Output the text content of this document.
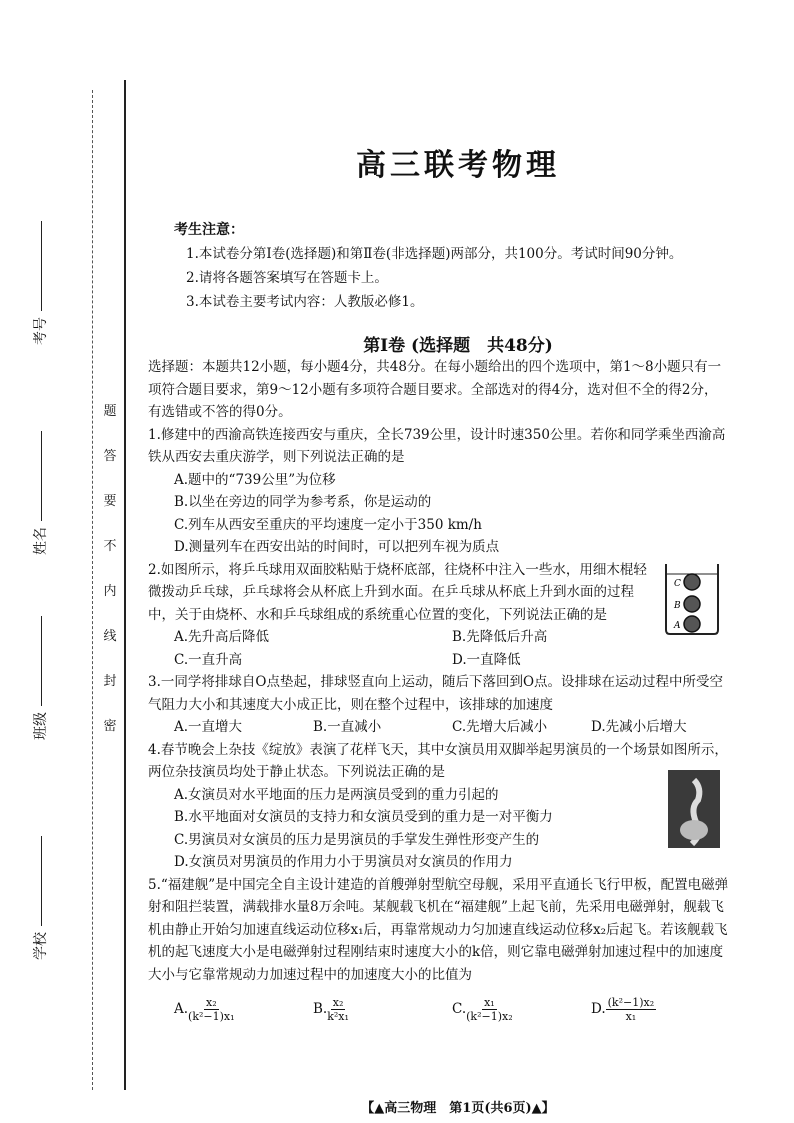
考号
姓名
班级
学校
题
答
要
不
内
线
封
密
高三联考物理
考生注意：
1.本试卷分第Ⅰ卷(选择题)和第Ⅱ卷(非选择题)两部分，共100分。考试时间90分钟。
2.请将各题答案填写在答题卡上。
3.本试卷主要考试内容：人教版必修1。
第Ⅰ卷 (选择题　共48分)

选择题：本题共12小题，每小题4分，共48分。在每小题给出的四个选项中，第1～8小题只有一项符合题目要求，第9～12小题有多项符合题目要求。全部选对的得4分，选对但不全的得2分，有选错或不答的得0分。

1.修建中的西渝高铁连接西安与重庆，全长739公里，设计时速350公里。若你和同学乘坐西渝高铁从西安去重庆游学，则下列说法正确的是

A.题中的“739公里”为位移
B.以坐在旁边的同学为参考系，你是运动的
C.列车从西安至重庆的平均速度一定小于350 km/h
D.测量列车在西安出站的时间时，可以把列车视为质点

2.如图所示，将乒乓球用双面胶粘贴于烧杯底部，往烧杯中注入一些水，用细木棍轻微拨动乒乓球，乒乓球将会从杯底上升到水面。在乒乓球从杯底上升到水面的过程中，关于由烧杯、水和乒乓球组成的系统重心位置的变化，下列说法正确的是

A.先升高后降低	B.先降低后升高
C.一直升高	D.一直降低

3.一同学将排球自O点垫起，排球竖直向上运动，随后下落回到O点。设排球在运动过程中所受空气阻力大小和其速度大小成正比，则在整个过程中，该排球的加速度

A.一直增大	B.一直减小	C.先增大后减小	D.先减小后增大

4.春节晚会上杂技《绽放》表演了花样飞天，其中女演员用双脚举起男演员的一个场景如图所示，两位杂技演员均处于静止状态。下列说法正确的是

A.女演员对水平地面的压力是两演员受到的重力引起的
B.水平地面对女演员的支持力和女演员受到的重力是一对平衡力
C.男演员对女演员的压力是男演员的手掌发生弹性形变产生的
D.女演员对男演员的作用力小于男演员对女演员的作用力

5.“福建舰”是中国完全自主设计建造的首艘弹射型航空母舰，采用平直通长飞行甲板，配置电磁弹射和阻拦装置，满载排水量8万余吨。某舰载飞机在“福建舰”上起飞前，先采用电磁弹射，舰载飞机由静止开始匀加速直线运动位移x₁后，再靠常规动力匀加速直线运动位移x₂后起飞。若该舰载飞机的起飞速度大小是电磁弹射过程刚结束时速度大小的k倍，则它靠电磁弹射加速过程中的加速度大小与它靠常规动力加速过程中的加速度大小的比值为

A. $\frac{\text{x₂}}{\text{(k²−1)x₁}}$	B. $\frac{\text{x₂}}{\text{k²x₁}}$	C. $\frac{\text{x₁}}{\text{(k²−1)x₂}}$	D. $\frac{\text{(k²−1)x₂}}{\text{x₁}}$
C
B
A
【▲高三物理　第1页(共6页)▲】
